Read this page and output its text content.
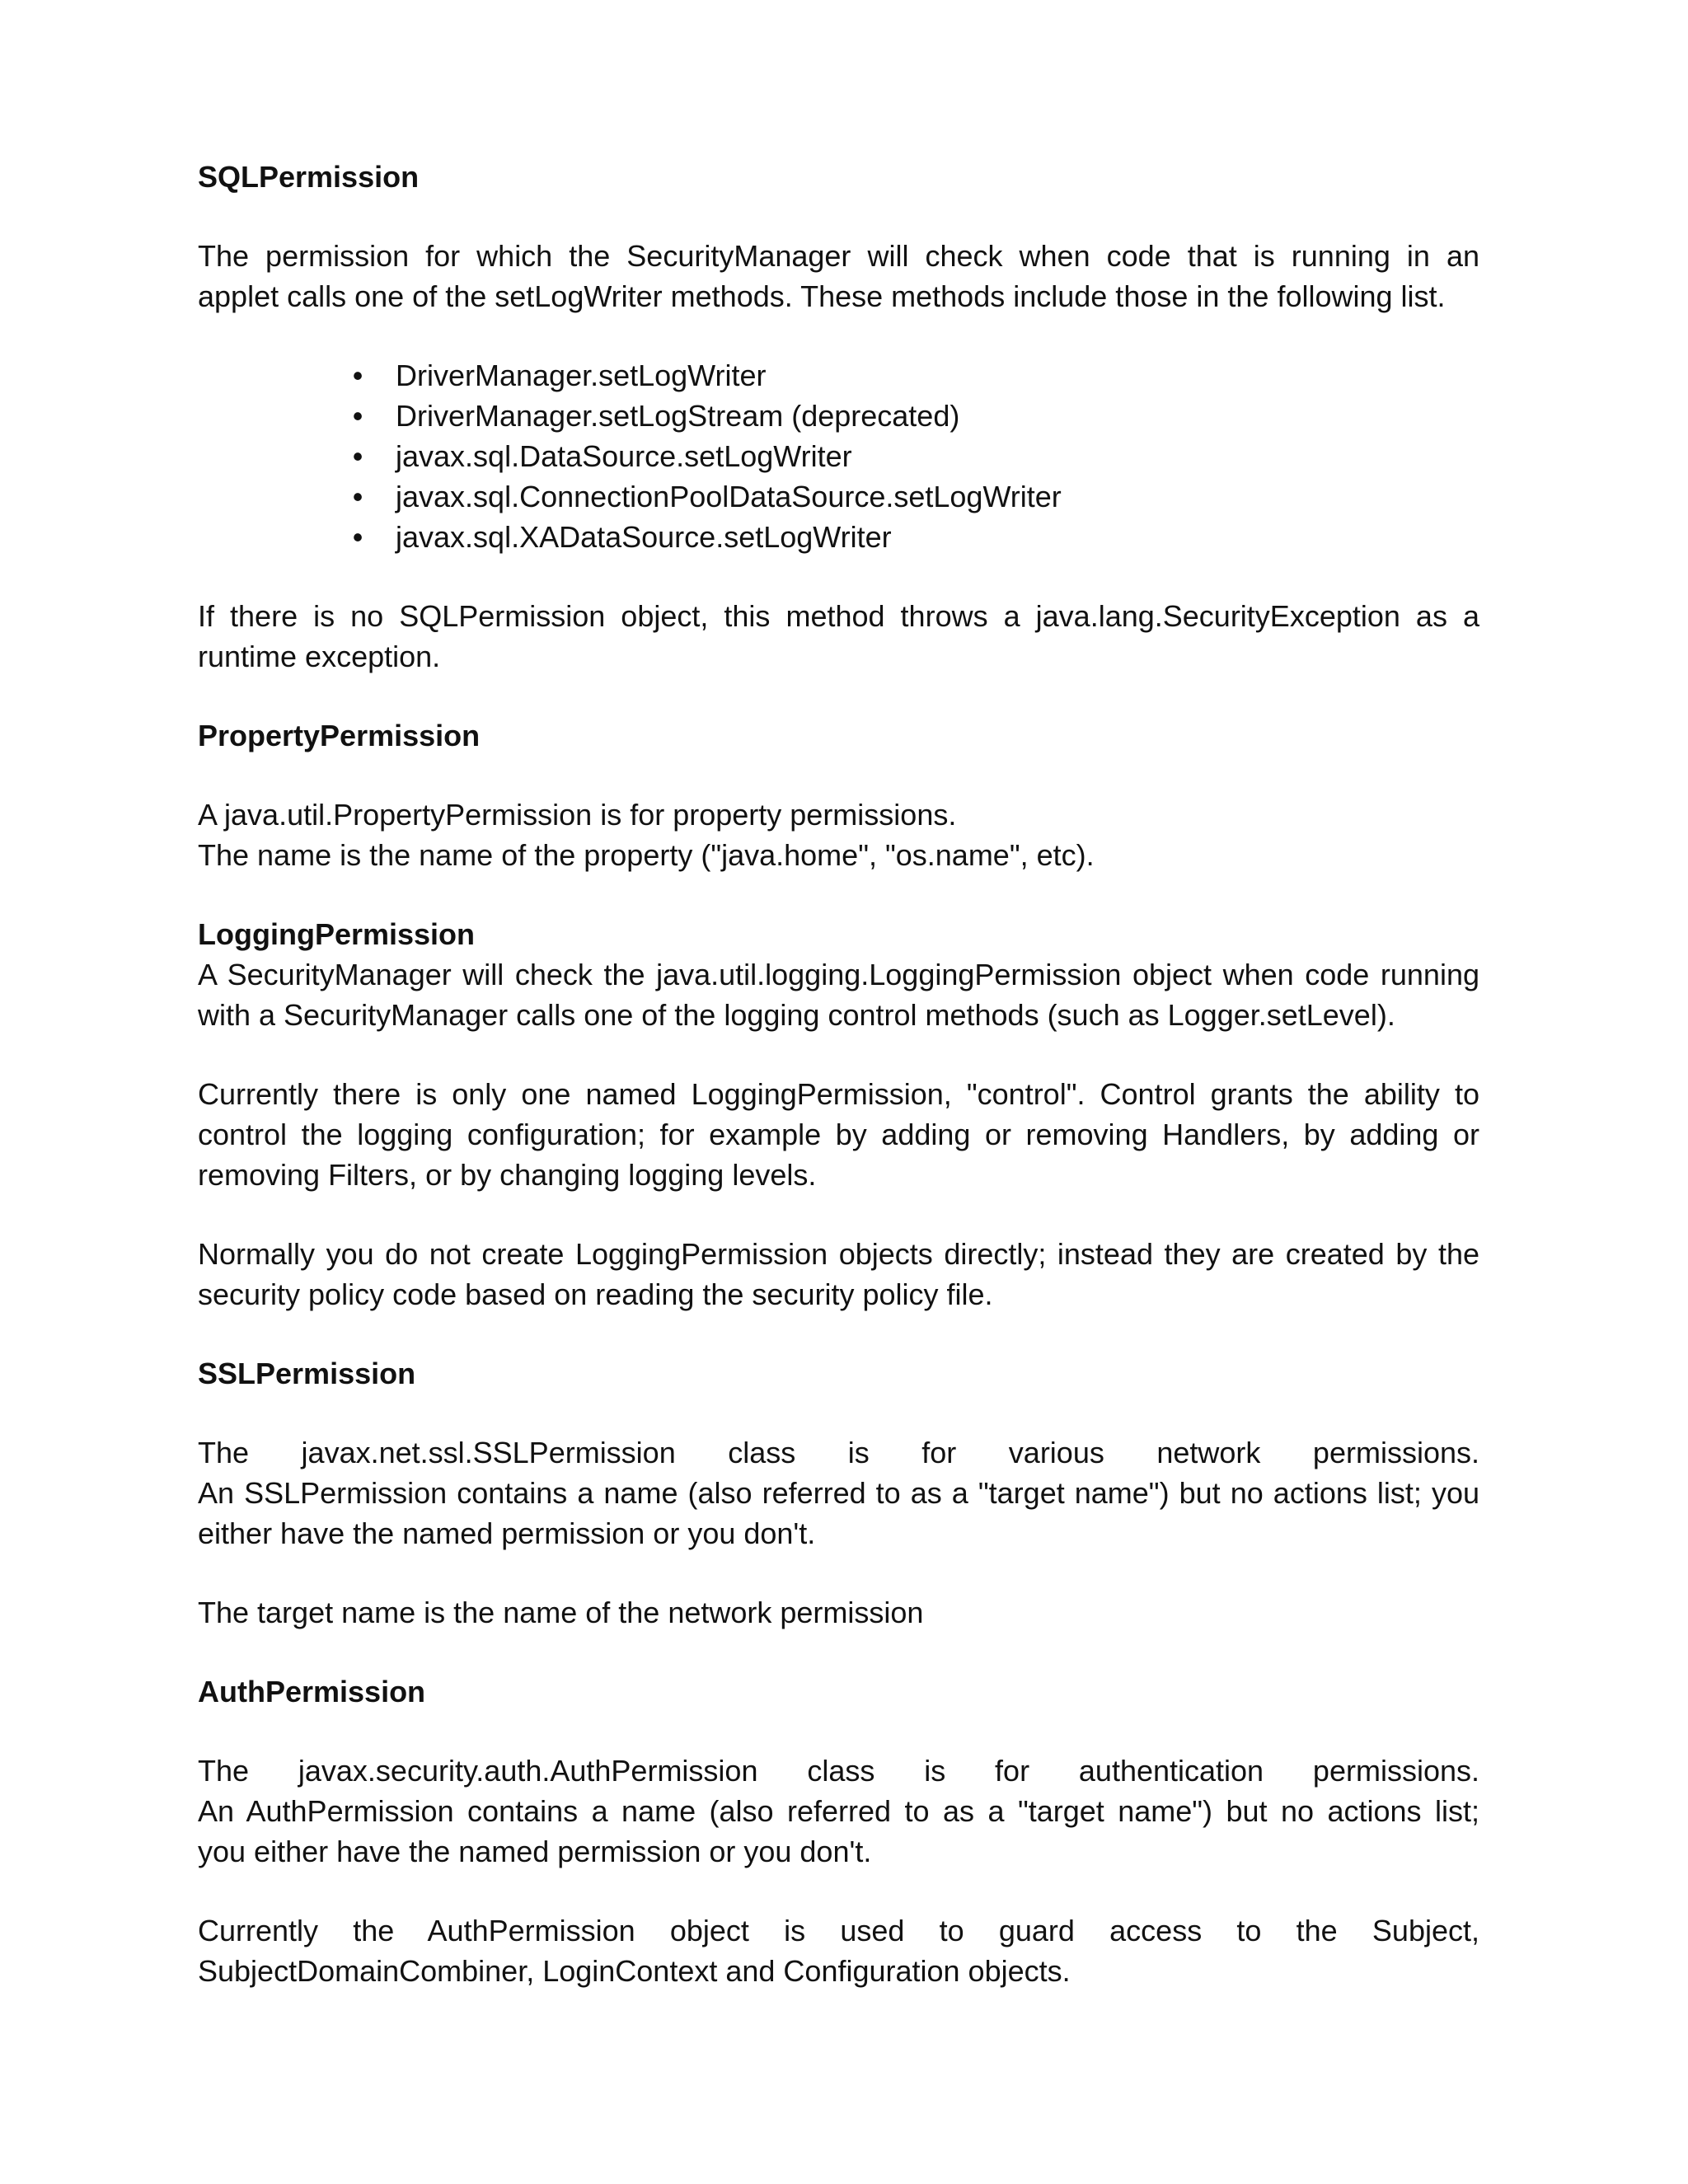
SQLPermission

The permission for which the SecurityManager will check when code that is running in an
applet calls one of the setLogWriter methods. These methods include those in the following list.

• DriverManager.setLogWriter
• DriverManager.setLogStream (deprecated)
• javax.sql.DataSource.setLogWriter
• javax.sql.ConnectionPoolDataSource.setLogWriter
• javax.sql.XADataSource.setLogWriter

If there is no SQLPermission object, this method throws a java.lang.SecurityException as a
runtime exception.

PropertyPermission

A java.util.PropertyPermission is for property permissions.
The name is the name of the property ("java.home", "os.name", etc).

LoggingPermission

A SecurityManager will check the java.util.logging.LoggingPermission object when code running
with a SecurityManager calls one of the logging control methods (such as Logger.setLevel).

Currently there is only one named LoggingPermission, "control". Control grants the ability to
control the logging configuration; for example by adding or removing Handlers, by adding or
removing Filters, or by changing logging levels.

Normally you do not create LoggingPermission objects directly; instead they are created by the
security policy code based on reading the security policy file.

SSLPermission

The javax.net.ssl.SSLPermission class is for various network permissions.
An SSLPermission contains a name (also referred to as a "target name") but no actions list; you
either have the named permission or you don't.

The target name is the name of the network permission

AuthPermission

The javax.security.auth.AuthPermission class is for authentication permissions.
An AuthPermission contains a name (also referred to as a "target name") but no actions list;
you either have the named permission or you don't.

Currently the AuthPermission object is used to guard access to the Subject,
SubjectDomainCombiner, LoginContext and Configuration objects.
